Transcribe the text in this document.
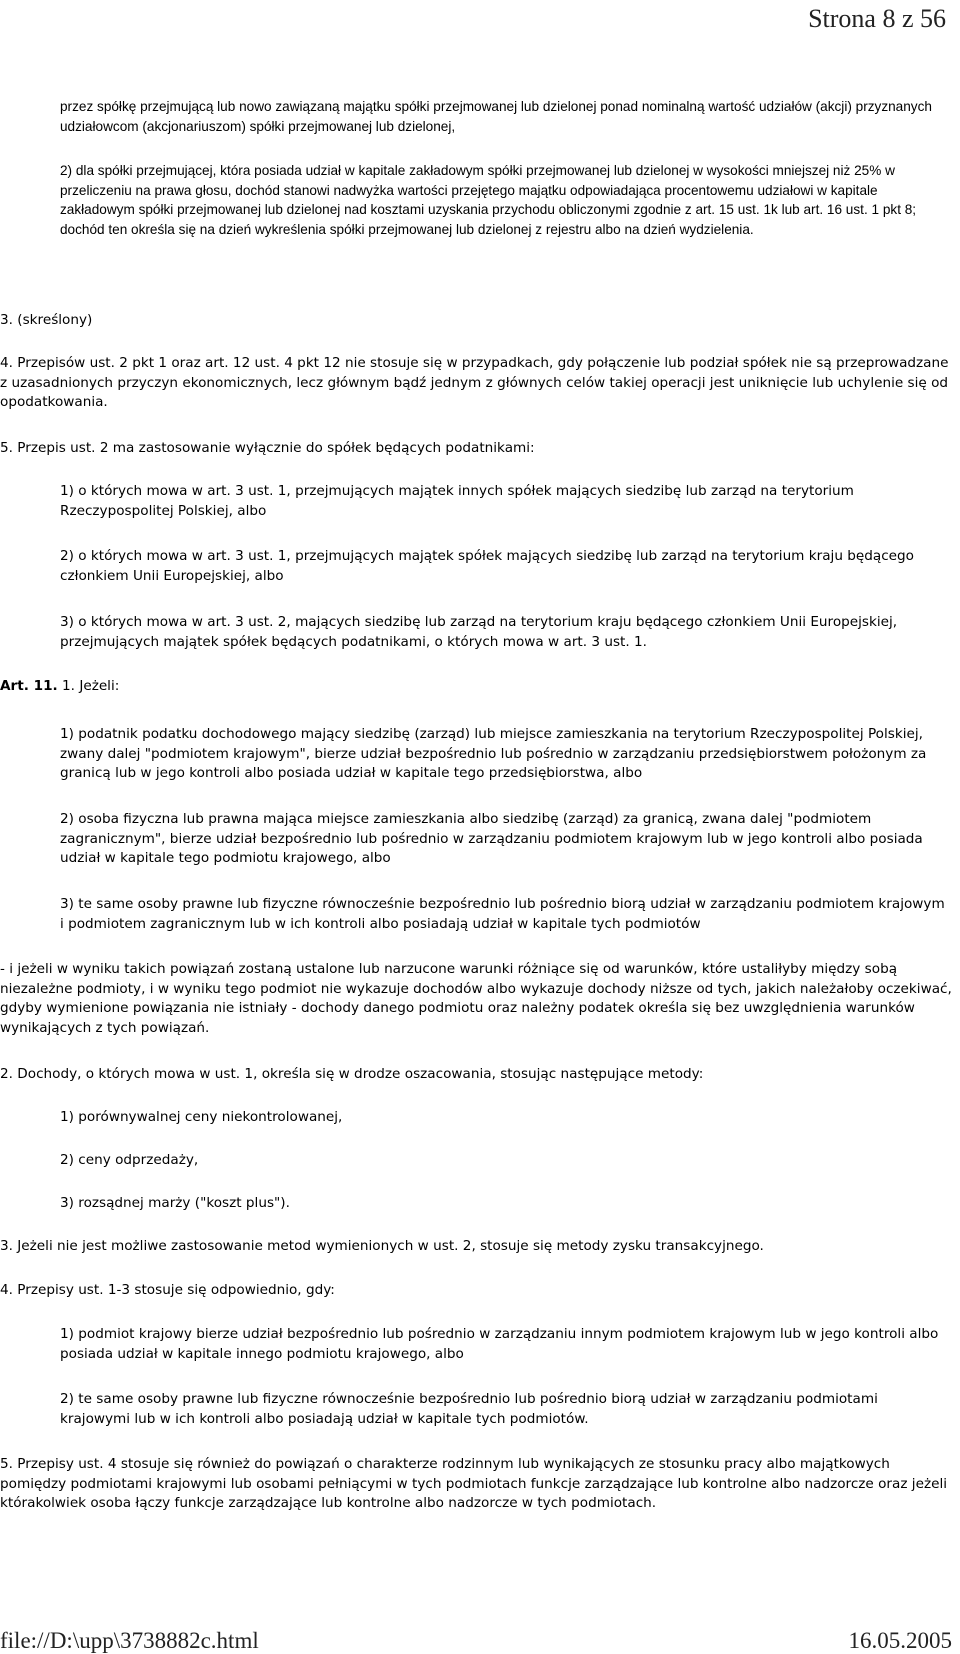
Strona 8 z 56

przez spółkę przejmującą lub nowo zawiązaną majątku spółki przejmowanej lub dzielonej ponad nominalną wartość udziałów (akcji) przyznanych udziałowcom (akcjonariuszom) spółki przejmowanej lub dzielonej,

2) dla spółki przejmującej, która posiada udział w kapitale zakładowym spółki przejmowanej lub dzielonej w wysokości mniejszej niż 25% w przeliczeniu na prawa głosu, dochód stanowi nadwyżka wartości przejętego majątku odpowiadająca procentowemu udziałowi w kapitale zakładowym spółki przejmowanej lub dzielonej nad kosztami uzyskania przychodu obliczonymi zgodnie z art. 15 ust. 1k lub art. 16 ust. 1 pkt 8; dochód ten określa się na dzień wykreślenia spółki przejmowanej lub dzielonej z rejestru albo na dzień wydzielenia.

3. (skreślony)

4. Przepisów ust. 2 pkt 1 oraz art. 12 ust. 4 pkt 12 nie stosuje się w przypadkach, gdy połączenie lub podział spółek nie są przeprowadzane z uzasadnionych przyczyn ekonomicznych, lecz głównym bądź jednym z głównych celów takiej operacji jest uniknięcie lub uchylenie się od opodatkowania.

5. Przepis ust. 2 ma zastosowanie wyłącznie do spółek będących podatnikami:

1) o których mowa w art. 3 ust. 1, przejmujących majątek innych spółek mających siedzibę lub zarząd na terytorium Rzeczypospolitej Polskiej, albo

2) o których mowa w art. 3 ust. 1, przejmujących majątek spółek mających siedzibę lub zarząd na terytorium kraju będącego członkiem Unii Europejskiej, albo

3) o których mowa w art. 3 ust. 2, mających siedzibę lub zarząd na terytorium kraju będącego członkiem Unii Europejskiej, przejmujących majątek spółek będących podatnikami, o których mowa w art. 3 ust. 1.

Art. 11. 1. Jeżeli:

1) podatnik podatku dochodowego mający siedzibę (zarząd) lub miejsce zamieszkania na terytorium Rzeczypospolitej Polskiej, zwany dalej "podmiotem krajowym", bierze udział bezpośrednio lub pośrednio w zarządzaniu przedsiębiorstwem położonym za granicą lub w jego kontroli albo posiada udział w kapitale tego przedsiębiorstwa, albo

2) osoba fizyczna lub prawna mająca miejsce zamieszkania albo siedzibę (zarząd) za granicą, zwana dalej "podmiotem zagranicznym", bierze udział bezpośrednio lub pośrednio w zarządzaniu podmiotem krajowym lub w jego kontroli albo posiada udział w kapitale tego podmiotu krajowego, albo

3) te same osoby prawne lub fizyczne równocześnie bezpośrednio lub pośrednio biorą udział w zarządzaniu podmiotem krajowym i podmiotem zagranicznym lub w ich kontroli albo posiadają udział w kapitale tych podmiotów

- i jeżeli w wyniku takich powiązań zostaną ustalone lub narzucone warunki różniące się od warunków, które ustaliłyby między sobą niezależne podmioty, i w wyniku tego podmiot nie wykazuje dochodów albo wykazuje dochody niższe od tych, jakich należałoby oczekiwać, gdyby wymienione powiązania nie istniały - dochody danego podmiotu oraz należny podatek określa się bez uwzględnienia warunków wynikających z tych powiązań.

2. Dochody, o których mowa w ust. 1, określa się w drodze oszacowania, stosując następujące metody:

1) porównywalnej ceny niekontrolowanej,

2) ceny odprzedaży,

3) rozsądnej marży ("koszt plus").

3. Jeżeli nie jest możliwe zastosowanie metod wymienionych w ust. 2, stosuje się metody zysku transakcyjnego.

4. Przepisy ust. 1-3 stosuje się odpowiednio, gdy:

1) podmiot krajowy bierze udział bezpośrednio lub pośrednio w zarządzaniu innym podmiotem krajowym lub w jego kontroli albo posiada udział w kapitale innego podmiotu krajowego, albo

2) te same osoby prawne lub fizyczne równocześnie bezpośrednio lub pośrednio biorą udział w zarządzaniu podmiotami krajowymi lub w ich kontroli albo posiadają udział w kapitale tych podmiotów.

5. Przepisy ust. 4 stosuje się również do powiązań o charakterze rodzinnym lub wynikających ze stosunku pracy albo majątkowych pomiędzy podmiotami krajowymi lub osobami pełniącymi w tych podmiotach funkcje zarządzające lub kontrolne albo nadzorcze oraz jeżeli którakolwiek osoba łączy funkcje zarządzające lub kontrolne albo nadzorcze w tych podmiotach.

file://D:\upp\3738882c.html	16.05.2005
